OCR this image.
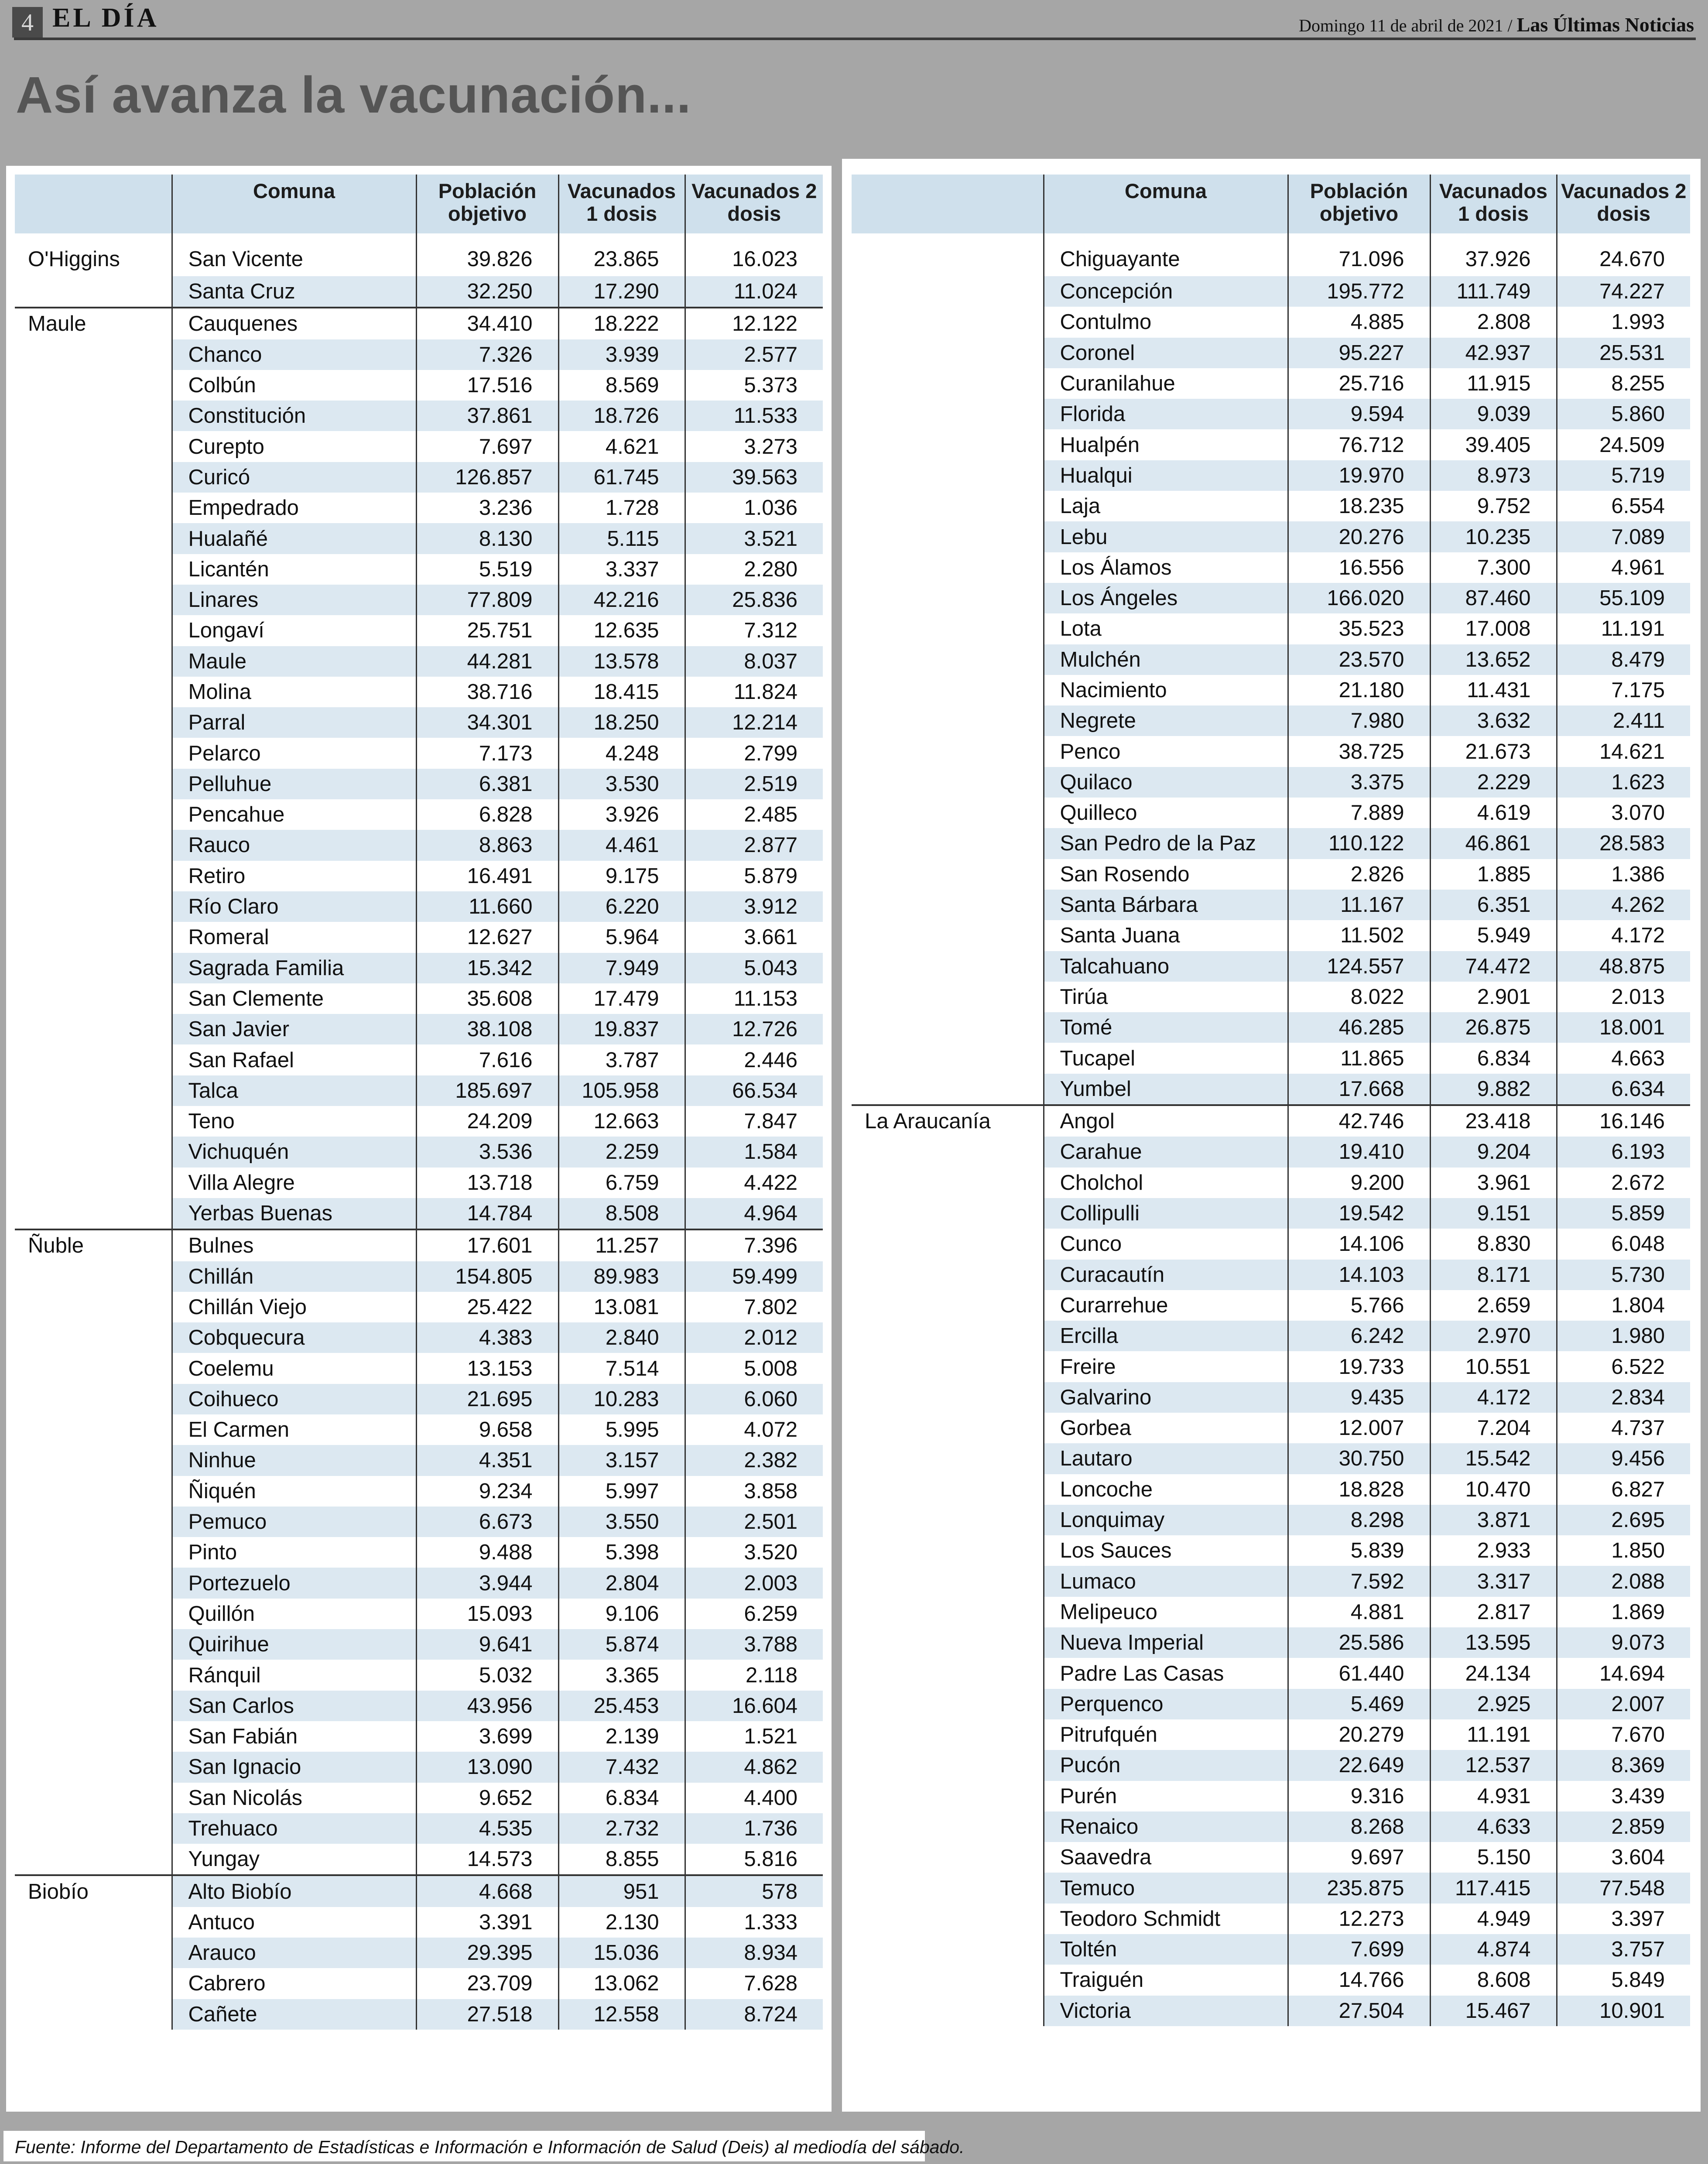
4 EL DÍA	Domingo 11 de abril de 2021 / Las Últimas Noticias
Así avanza la vacunación...
	Comuna	Población objetivo	Vacunados 1 dosis	Vacunados 2 dosis
O'Higgins	San Vicente	39.826	23.865	16.023
	Santa Cruz	32.250	17.290	11.024
Maule	Cauquenes	34.410	18.222	12.122
	Chanco	7.326	3.939	2.577
	Colbún	17.516	8.569	5.373
	Constitución	37.861	18.726	11.533
	Curepto	7.697	4.621	3.273
	Curicó	126.857	61.745	39.563
	Empedrado	3.236	1.728	1.036
	Hualañé	8.130	5.115	3.521
	Licantén	5.519	3.337	2.280
	Linares	77.809	42.216	25.836
	Longaví	25.751	12.635	7.312
	Maule	44.281	13.578	8.037
	Molina	38.716	18.415	11.824
	Parral	34.301	18.250	12.214
	Pelarco	7.173	4.248	2.799
	Pelluhue	6.381	3.530	2.519
	Pencahue	6.828	3.926	2.485
	Rauco	8.863	4.461	2.877
	Retiro	16.491	9.175	5.879
	Río Claro	11.660	6.220	3.912
	Romeral	12.627	5.964	3.661
	Sagrada Familia	15.342	7.949	5.043
	San Clemente	35.608	17.479	11.153
	San Javier	38.108	19.837	12.726
	San Rafael	7.616	3.787	2.446
	Talca	185.697	105.958	66.534
	Teno	24.209	12.663	7.847
	Vichuquén	3.536	2.259	1.584
	Villa Alegre	13.718	6.759	4.422
	Yerbas Buenas	14.784	8.508	4.964
Ñuble	Bulnes	17.601	11.257	7.396
	Chillán	154.805	89.983	59.499
	Chillán Viejo	25.422	13.081	7.802
	Cobquecura	4.383	2.840	2.012
	Coelemu	13.153	7.514	5.008
	Coihueco	21.695	10.283	6.060
	El Carmen	9.658	5.995	4.072
	Ninhue	4.351	3.157	2.382
	Ñiquén	9.234	5.997	3.858
	Pemuco	6.673	3.550	2.501
	Pinto	9.488	5.398	3.520
	Portezuelo	3.944	2.804	2.003
	Quillón	15.093	9.106	6.259
	Quirihue	9.641	5.874	3.788
	Ránquil	5.032	3.365	2.118
	San Carlos	43.956	25.453	16.604
	San Fabián	3.699	2.139	1.521
	San Ignacio	13.090	7.432	4.862
	San Nicolás	9.652	6.834	4.400
	Trehuaco	4.535	2.732	1.736
	Yungay	14.573	8.855	5.816
Biobío	Alto Biobío	4.668	951	578
	Antuco	3.391	2.130	1.333
	Arauco	29.395	15.036	8.934
	Cabrero	23.709	13.062	7.628
	Cañete	27.518	12.558	8.724
	Comuna	Población objetivo	Vacunados 1 dosis	Vacunados 2 dosis
	Chiguayante	71.096	37.926	24.670
	Concepción	195.772	111.749	74.227
	Contulmo	4.885	2.808	1.993
	Coronel	95.227	42.937	25.531
	Curanilahue	25.716	11.915	8.255
	Florida	9.594	9.039	5.860
	Hualpén	76.712	39.405	24.509
	Hualqui	19.970	8.973	5.719
	Laja	18.235	9.752	6.554
	Lebu	20.276	10.235	7.089
	Los Álamos	16.556	7.300	4.961
	Los Ángeles	166.020	87.460	55.109
	Lota	35.523	17.008	11.191
	Mulchén	23.570	13.652	8.479
	Nacimiento	21.180	11.431	7.175
	Negrete	7.980	3.632	2.411
	Penco	38.725	21.673	14.621
	Quilaco	3.375	2.229	1.623
	Quilleco	7.889	4.619	3.070
	San Pedro de la Paz	110.122	46.861	28.583
	San Rosendo	2.826	1.885	1.386
	Santa Bárbara	11.167	6.351	4.262
	Santa Juana	11.502	5.949	4.172
	Talcahuano	124.557	74.472	48.875
	Tirúa	8.022	2.901	2.013
	Tomé	46.285	26.875	18.001
	Tucapel	11.865	6.834	4.663
	Yumbel	17.668	9.882	6.634
La Araucanía	Angol	42.746	23.418	16.146
	Carahue	19.410	9.204	6.193
	Cholchol	9.200	3.961	2.672
	Collipulli	19.542	9.151	5.859
	Cunco	14.106	8.830	6.048
	Curacautín	14.103	8.171	5.730
	Curarrehue	5.766	2.659	1.804
	Ercilla	6.242	2.970	1.980
	Freire	19.733	10.551	6.522
	Galvarino	9.435	4.172	2.834
	Gorbea	12.007	7.204	4.737
	Lautaro	30.750	15.542	9.456
	Loncoche	18.828	10.470	6.827
	Lonquimay	8.298	3.871	2.695
	Los Sauces	5.839	2.933	1.850
	Lumaco	7.592	3.317	2.088
	Melipeuco	4.881	2.817	1.869
	Nueva Imperial	25.586	13.595	9.073
	Padre Las Casas	61.440	24.134	14.694
	Perquenco	5.469	2.925	2.007
	Pitrufquén	20.279	11.191	7.670
	Pucón	22.649	12.537	8.369
	Purén	9.316	4.931	3.439
	Renaico	8.268	4.633	2.859
	Saavedra	9.697	5.150	3.604
	Temuco	235.875	117.415	77.548
	Teodoro Schmidt	12.273	4.949	3.397
	Toltén	7.699	4.874	3.757
	Traiguén	14.766	8.608	5.849
	Victoria	27.504	15.467	10.901
Fuente: Informe del Departamento de Estadísticas e Información e Información de Salud (Deis) al mediodía del sábado.
